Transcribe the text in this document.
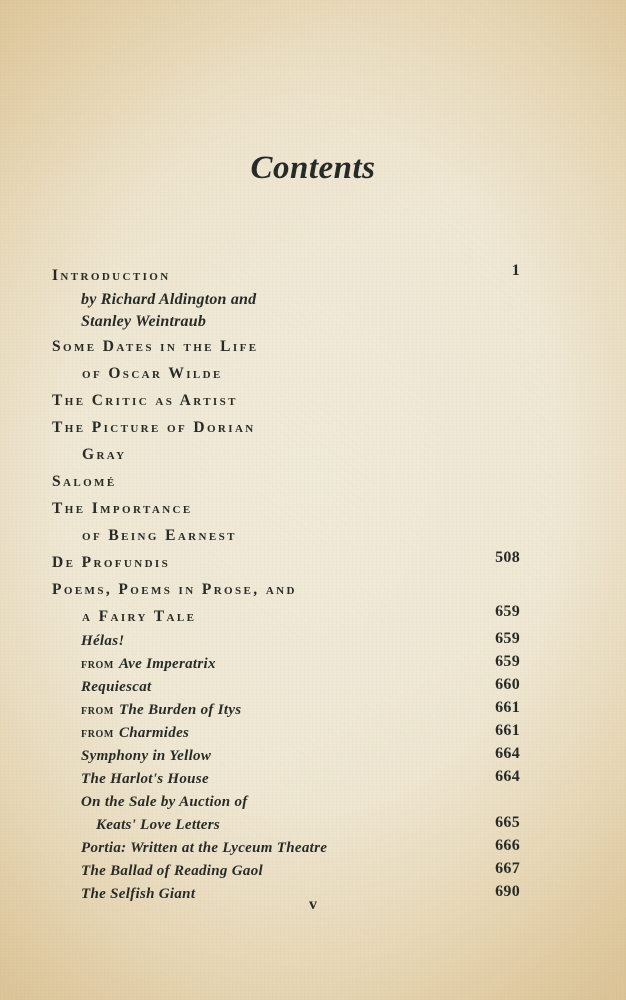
Contents
Introduction	1
by Richard Aldington and
Stanley Weintraub
Some Dates in the Life
of Oscar Wilde
The Critic as Artist
The Picture of Dorian
Gray
Salomé
The Importance
of Being Earnest
De Profundis	508
Poems, Poems in Prose, and
a Fairy Tale	659
Hélas!	659
from Ave Imperatrix	659
Requiescat	660
from The Burden of Itys	661
from Charmides	661
Symphony in Yellow	664
The Harlot's House	664
On the Sale by Auction of
Keats' Love Letters	665
Portia: Written at the Lyceum Theatre	666
The Ballad of Reading Gaol	667
The Selfish Giant	690
v
